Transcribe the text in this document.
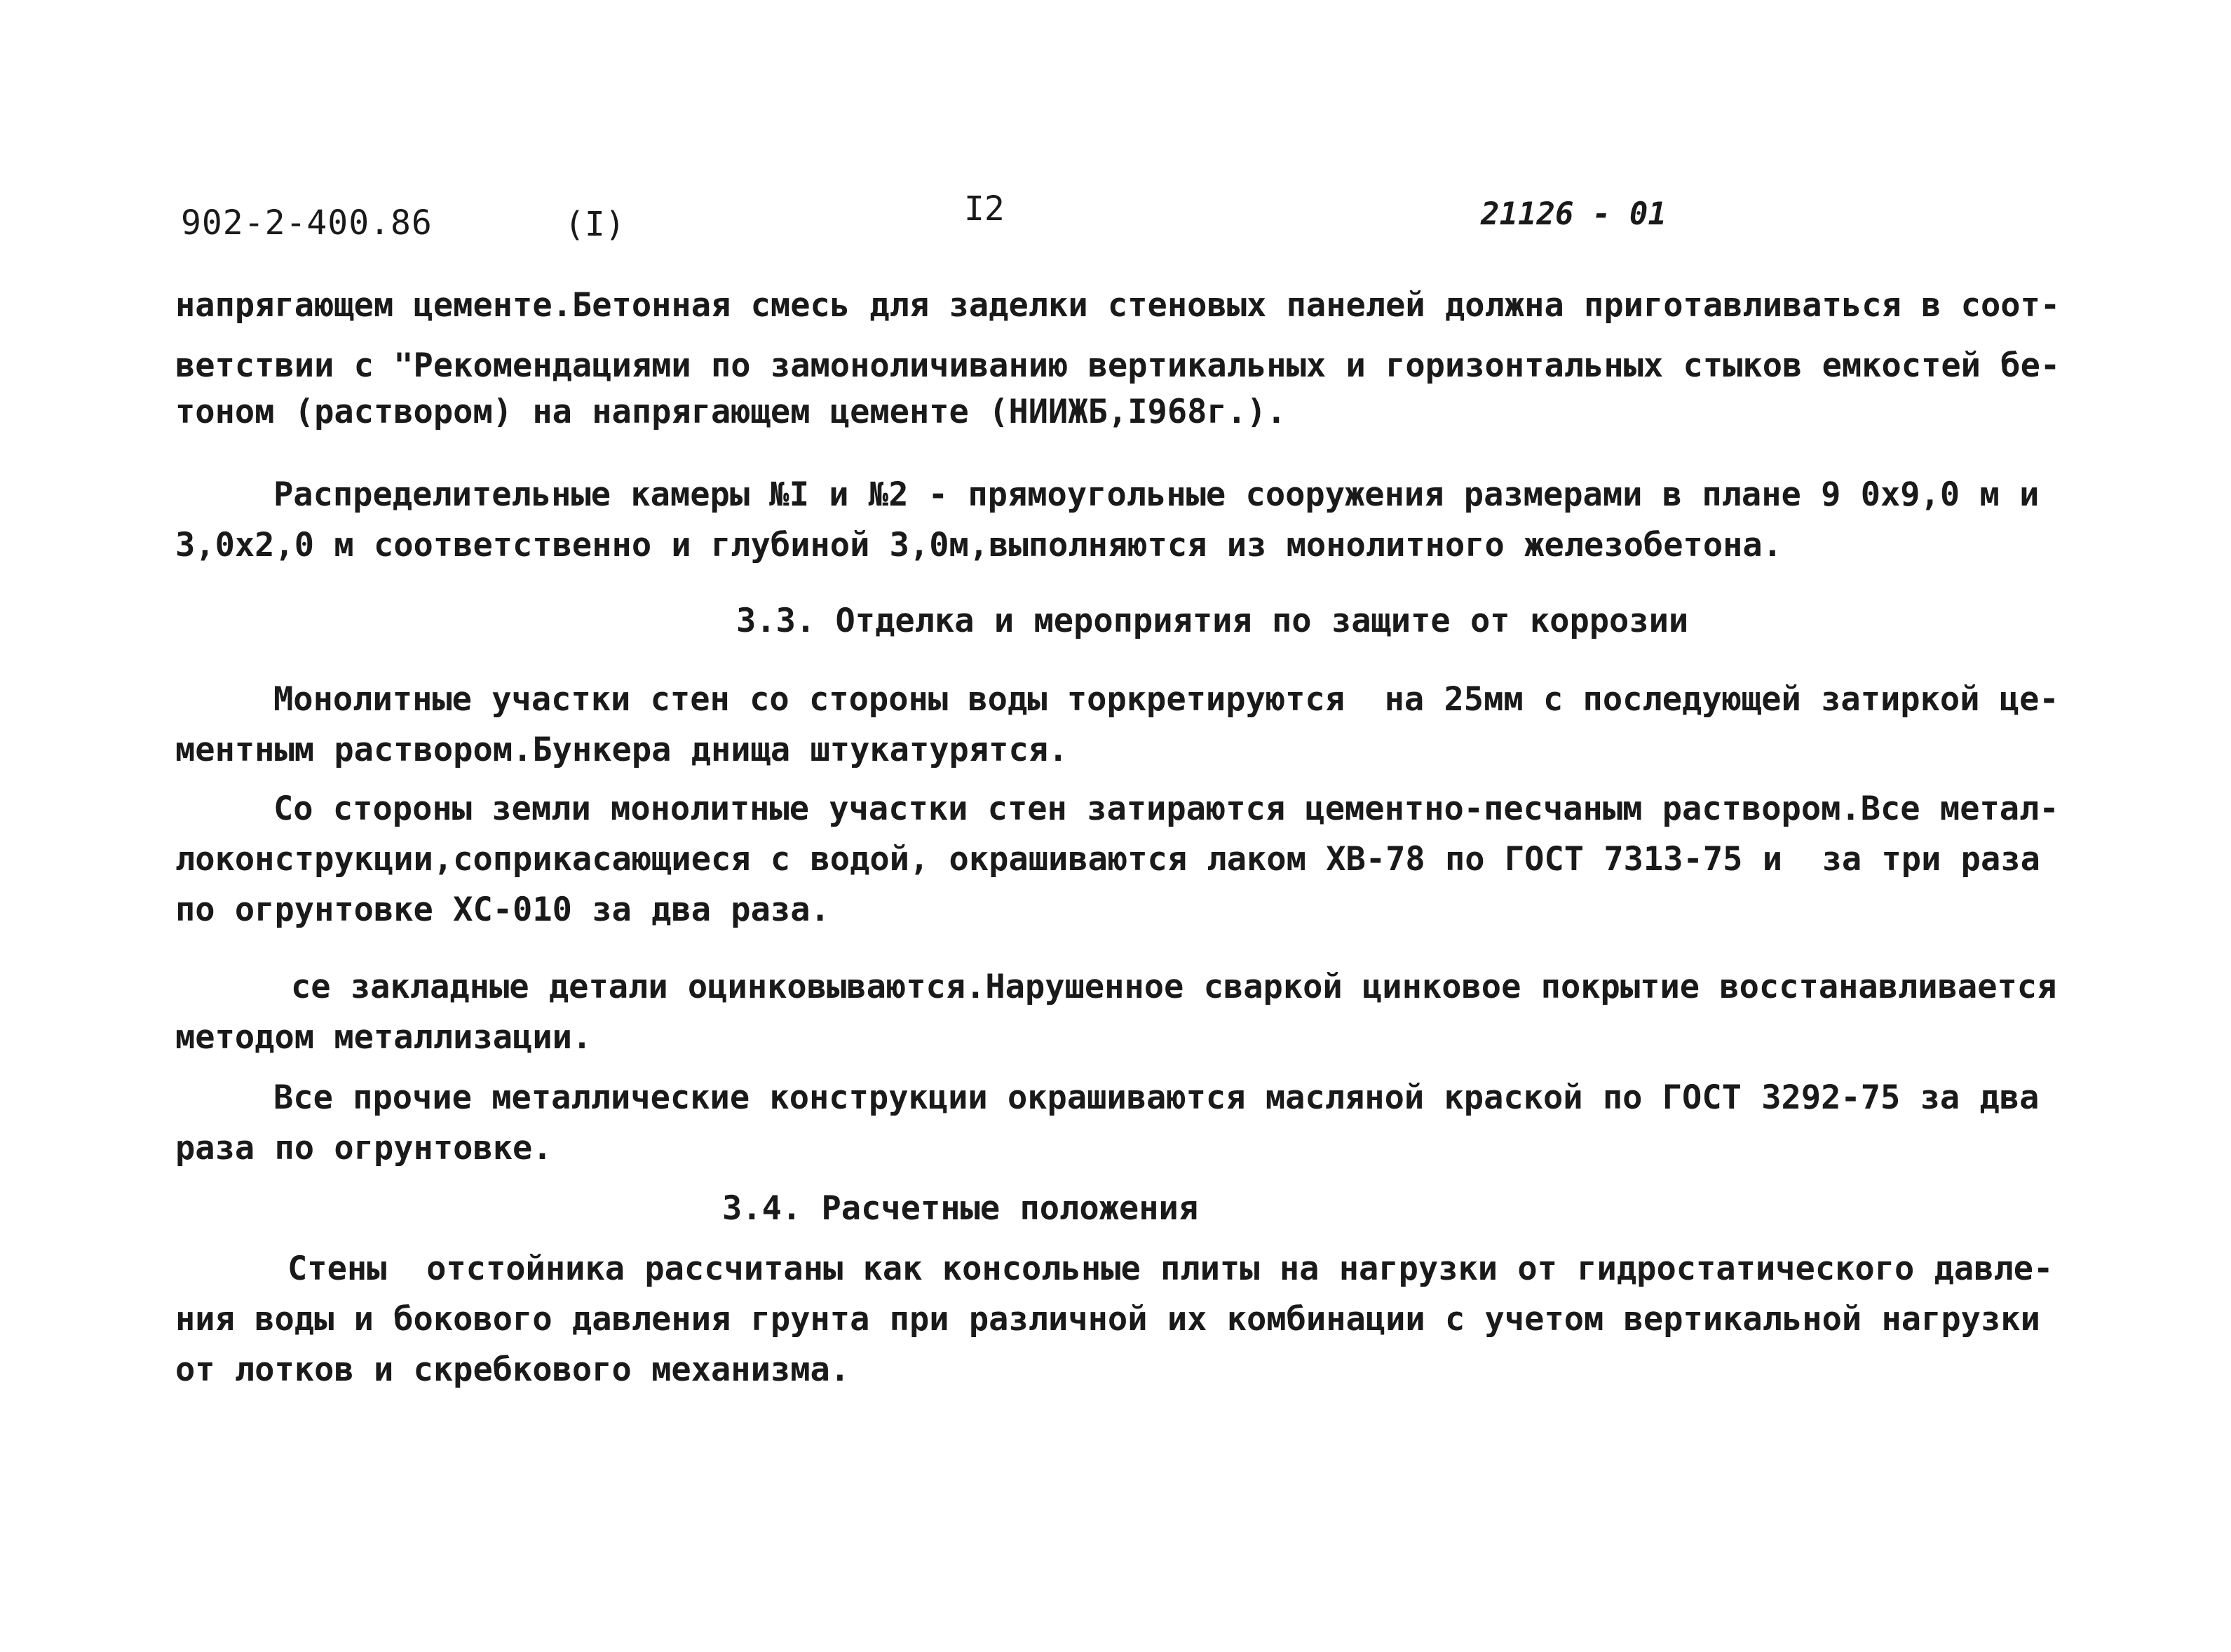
902-2-400.86	(I)	I2	21126 - 01
напрягающем цементе.Бетонная смесь для заделки стеновых панелей должна приготавливаться в соот-
ветствии с "Рекомендациями по замоноличиванию вертикальных и горизонтальных стыков емкостей бе-
тоном (раствором) на напрягающем цементе (НИИЖБ,I968г.).
Распределительные камеры №I и №2 - прямоугольные сооружения размерами в плане 9 0х9,0 м и
3,0х2,0 м соответственно и глубиной 3,0м,выполняются из монолитного железобетона.
3.3. Отделка и мероприятия по защите от коррозии
Монолитные участки стен со стороны воды торкретируются  на 25мм с последующей затиркой це-
ментным раствором.Бункера днища штукатурятся.
Со стороны земли монолитные участки стен затираются цементно-песчаным раствором.Все метал-
локонструкции,соприкасающиеся с водой, окрашиваются лаком ХВ-78 по ГОСТ 7313-75 и  за три раза
по огрунтовке ХС-010 за два раза.
се закладные детали оцинковываются.Нарушенное сваркой цинковое покрытие восстанавливается
методом металлизации.
Все прочие металлические конструкции окрашиваются масляной краской по ГОСТ 3292-75 за два
раза по огрунтовке.
3.4. Расчетные положения
Стены  отстойника рассчитаны как консольные плиты на нагрузки от гидростатического давле-
ния воды и бокового давления грунта при различной их комбинации с учетом вертикальной нагрузки
от лотков и скребкового механизма.
